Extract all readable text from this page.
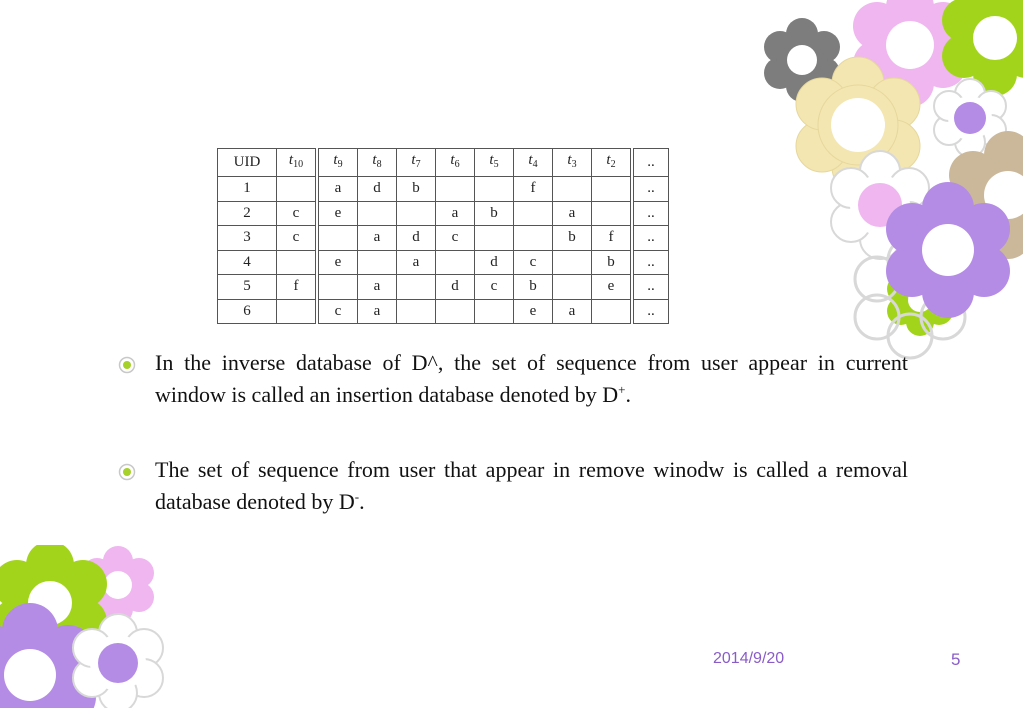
UID	$t_{10}$	$t_9$	$t_8$	$t_7$	$t_6$	$t_5$	$t_4$	$t_3$	$t_2$	..
1		a	d	b			f			..
2	c	e			a	b		a		..
3	c		a	d	c			b	f	..
4		e		a		d	c		b	..
5	f		a		d	c	b		e	..
6		c	a				e	a		..
In the inverse database of D^, the set of sequence from user appear in current window is called an insertion database denoted by D+.
The set of sequence from user that appear in remove winodw is called a removal database denoted by D-.
2014/9/20	5
